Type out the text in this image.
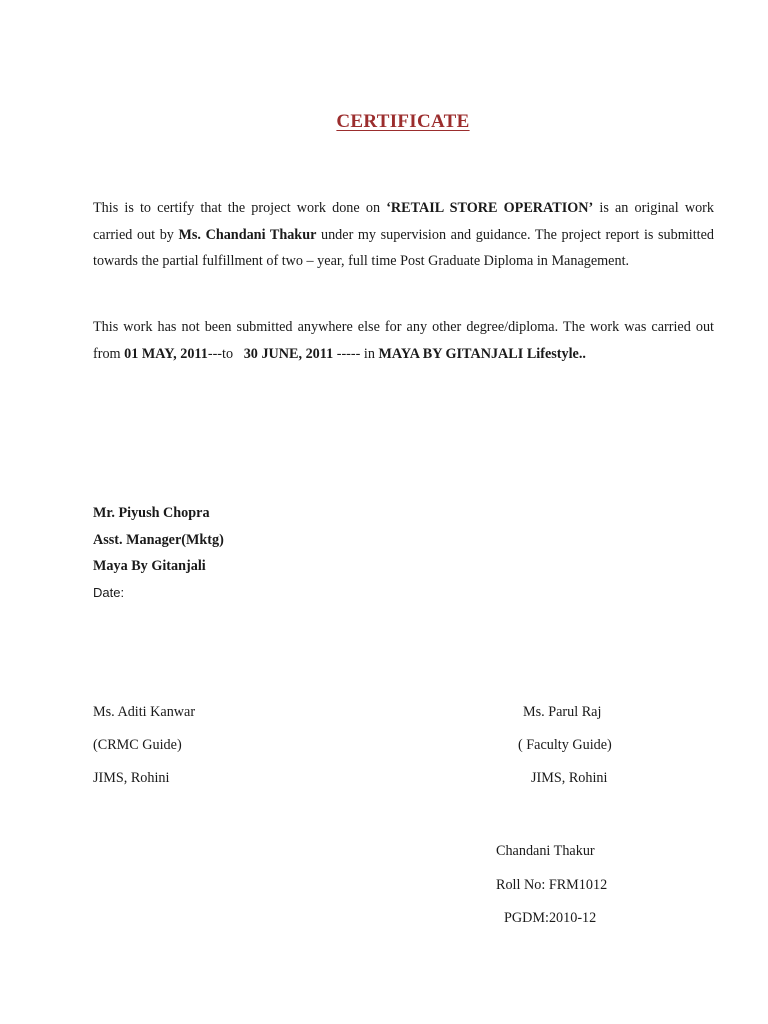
CERTIFICATE
This is to certify that the project work done on ‘RETAIL STORE OPERATION’ is an original work carried out by Ms. Chandani Thakur under my supervision and guidance. The project report is submitted towards the partial fulfillment of two – year, full time Post Graduate Diploma in Management.
This work has not been submitted anywhere else for any other degree/diploma. The work was carried out from 01 MAY, 2011---to   30 JUNE, 2011 ----- in MAYA BY GITANJALI Lifestyle..
Mr. Piyush Chopra
Asst. Manager(Mktg)
Maya By Gitanjali
Date:
Ms. Aditi Kanwar
(CRMC Guide)
JIMS, Rohini
Ms. Parul Raj
( Faculty Guide)
JIMS, Rohini
Chandani Thakur
Roll No: FRM1012
PGDM:2010-12
